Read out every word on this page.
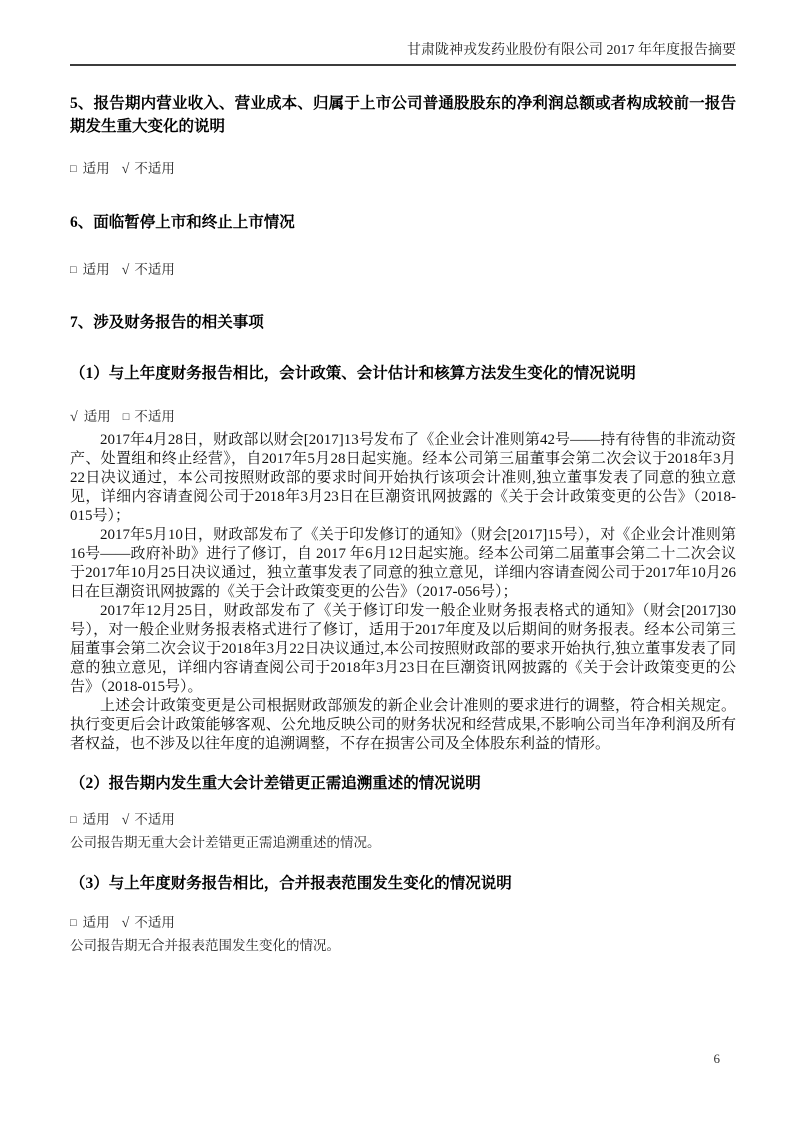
甘肃陇神戎发药业股份有限公司 2017 年年度报告摘要
5、报告期内营业收入、营业成本、归属于上市公司普通股股东的净利润总额或者构成较前一报告期发生重大变化的说明
□ 适用 √ 不适用
6、面临暂停上市和终止上市情况
□ 适用 √ 不适用
7、涉及财务报告的相关事项
（1）与上年度财务报告相比，会计政策、会计估计和核算方法发生变化的情况说明
√ 适用 □ 不适用

2017年4月28日，财政部以财会[2017]13号发布了《企业会计准则第42号——持有待售的非流动资产、处置组和终止经营》，自2017年5月28日起实施。经本公司第三届董事会第二次会议于2018年3月22日决议通过，本公司按照财政部的要求时间开始执行该项会计准则,独立董事发表了同意的独立意见，详细内容请查阅公司于2018年3月23日在巨潮资讯网披露的《关于会计政策变更的公告》（2018-015号）；

2017年5月10日，财政部发布了《关于印发修订的通知》（财会[2017]15号），对《企业会计准则第 16号——政府补助》进行了修订，自 2017 年6月12日起实施。经本公司第二届董事会第二十二次会议于2017年10月25日决议通过，独立董事发表了同意的独立意见，详细内容请查阅公司于2017年10月26日在巨潮资讯网披露的《关于会计政策变更的公告》（2017-056号）；

2017年12月25日，财政部发布了《关于修订印发一般企业财务报表格式的通知》（财会[2017]30号），对一般企业财务报表格式进行了修订，适用于2017年度及以后期间的财务报表。经本公司第三届董事会第二次会议于2018年3月22日决议通过,本公司按照财政部的要求开始执行,独立董事发表了同意的独立意见，详细内容请查阅公司于2018年3月23日在巨潮资讯网披露的《关于会计政策变更的公告》（2018-015号）。

上述会计政策变更是公司根据财政部颁发的新企业会计准则的要求进行的调整，符合相关规定。执行变更后会计政策能够客观、公允地反映公司的财务状况和经营成果,不影响公司当年净利润及所有者权益，也不涉及以往年度的追溯调整，不存在损害公司及全体股东利益的情形。

（2）报告期内发生重大会计差错更正需追溯重述的情况说明
□ 适用 √ 不适用
公司报告期无重大会计差错更正需追溯重述的情况。
（3）与上年度财务报告相比，合并报表范围发生变化的情况说明
□ 适用 √ 不适用
公司报告期无合并报表范围发生变化的情况。
6
